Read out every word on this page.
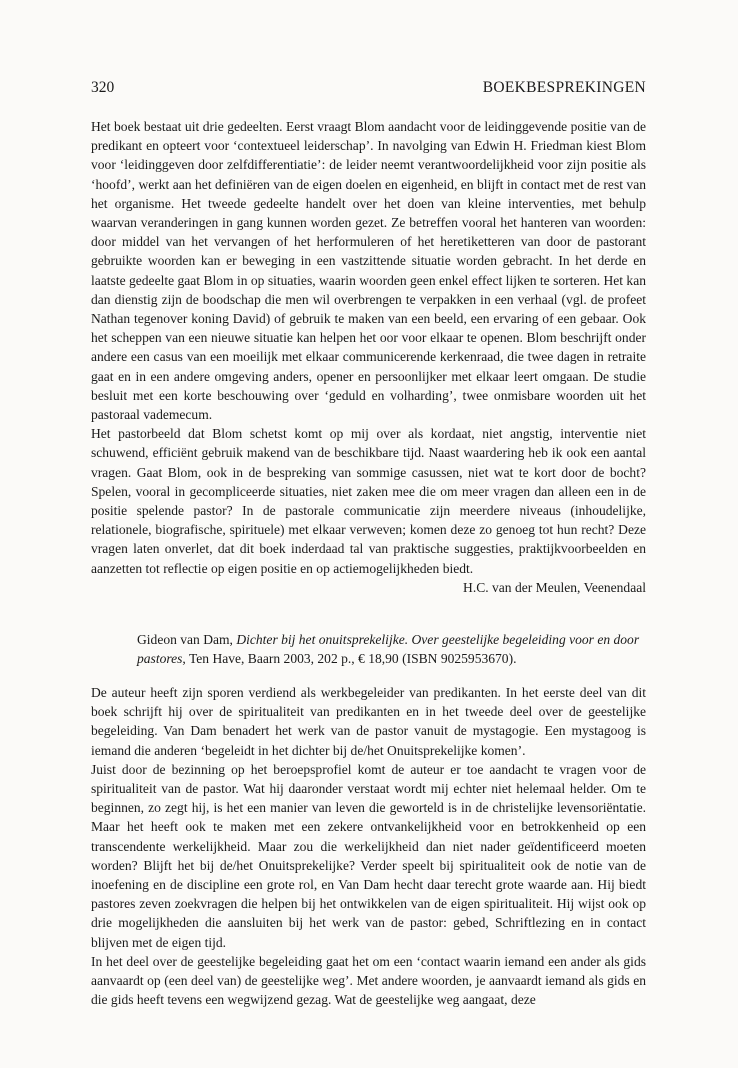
320	BOEKBESPREKINGEN

Het boek bestaat uit drie gedeelten. Eerst vraagt Blom aandacht voor de leidinggevende positie van de predikant en opteert voor ‘contextueel leiderschap’. In navolging van Edwin H. Friedman kiest Blom voor ‘leidinggeven door zelfdifferentiatie’: de leider neemt verantwoordelijkheid voor zijn positie als ‘hoofd’, werkt aan het definiëren van de eigen doelen en eigenheid, en blijft in contact met de rest van het organisme. Het tweede gedeelte handelt over het doen van kleine interventies, met behulp waarvan veranderingen in gang kunnen worden gezet. Ze betreffen vooral het hanteren van woorden: door middel van het vervangen of het herformuleren of het heretiketteren van door de pastorant gebruikte woorden kan er beweging in een vastzittende situatie worden gebracht. In het derde en laatste gedeelte gaat Blom in op situaties, waarin woorden geen enkel effect lijken te sorteren. Het kan dan dienstig zijn de boodschap die men wil overbrengen te verpakken in een verhaal (vgl. de profeet Nathan tegenover koning David) of gebruik te maken van een beeld, een ervaring of een gebaar. Ook het scheppen van een nieuwe situatie kan helpen het oor voor elkaar te openen. Blom beschrijft onder andere een casus van een moeilijk met elkaar communicerende kerkenraad, die twee dagen in retraite gaat en in een andere omgeving anders, opener en persoonlijker met elkaar leert omgaan. De studie besluit met een korte beschouwing over ‘geduld en volharding’, twee onmisbare woorden uit het pastoraal vademecum.

Het pastorbeeld dat Blom schetst komt op mij over als kordaat, niet angstig, interventie niet schuwend, efficiënt gebruik makend van de beschikbare tijd. Naast waardering heb ik ook een aantal vragen. Gaat Blom, ook in de bespreking van sommige casussen, niet wat te kort door de bocht? Spelen, vooral in gecompliceerde situaties, niet zaken mee die om meer vragen dan alleen een in de positie spelende pastor? In de pastorale communicatie zijn meerdere niveaus (inhoudelijke, relationele, biografische, spirituele) met elkaar verweven; komen deze zo genoeg tot hun recht? Deze vragen laten onverlet, dat dit boek inderdaad tal van praktische suggesties, praktijkvoorbeelden en aanzetten tot reflectie op eigen positie en op actiemogelijkheden biedt.

H.C. van der Meulen, Veenendaal

Gideon van Dam, Dichter bij het onuitsprekelijke. Over geestelijke begeleiding voor en door pastores, Ten Have, Baarn 2003, 202 p., € 18,90 (ISBN 9025953670).

De auteur heeft zijn sporen verdiend als werkbegeleider van predikanten. In het eerste deel van dit boek schrijft hij over de spiritualiteit van predikanten en in het tweede deel over de geestelijke begeleiding. Van Dam benadert het werk van de pastor vanuit de mystagogie. Een mystagoog is iemand die anderen ‘begeleidt in het dichter bij de/het Onuitsprekelijke komen’.

Juist door de bezinning op het beroepsprofiel komt de auteur er toe aandacht te vragen voor de spiritualiteit van de pastor. Wat hij daaronder verstaat wordt mij echter niet helemaal helder. Om te beginnen, zo zegt hij, is het een manier van leven die geworteld is in de christelijke levensoriëntatie. Maar het heeft ook te maken met een zekere ontvankelijkheid voor en betrokkenheid op een transcendente werkelijkheid. Maar zou die werkelijkheid dan niet nader geïdentificeerd moeten worden? Blijft het bij de/het Onuitsprekelijke? Verder speelt bij spiritualiteit ook de notie van de inoefening en de discipline een grote rol, en Van Dam hecht daar terecht grote waarde aan. Hij biedt pastores zeven zoekvragen die helpen bij het ontwikkelen van de eigen spiritualiteit. Hij wijst ook op drie mogelijkheden die aansluiten bij het werk van de pastor: gebed, Schriftlezing en in contact blijven met de eigen tijd.

In het deel over de geestelijke begeleiding gaat het om een ‘contact waarin iemand een ander als gids aanvaardt op (een deel van) de geestelijke weg’. Met andere woorden, je aanvaardt iemand als gids en die gids heeft tevens een wegwijzend gezag. Wat de geestelijke weg aangaat, deze
